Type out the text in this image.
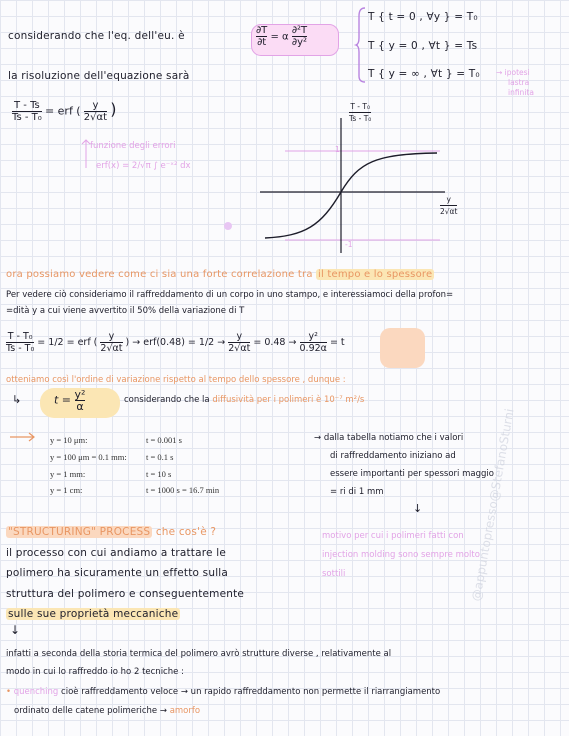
considerando che l'eq. dell'eu. è	$\frac{\partial T}{\partial t} = \alpha \frac{\text{∂²T}}{\text{∂y²}}$
T { t = 0 , ∀y } = T₀
T { y = 0 , ∀t } = Ts
T { y = ∞ , ∀t } = T₀ → ipotesi
lastra
infinita
la risoluzione dell'equazione sarà
$\frac{T - Ts}{\text{Ts - T₀}}$ = erf ( $\frac{y}{2√\alpha t}$ )
funzione degli errori
erf(x) = 2/√π ∫ e⁻ˣ² dx
$\frac{\text{T - T₀}}{\text{Ts - T₀}}$
$\frac{y}{2√\alpha t}$
1
-1
ora possiamo vedere come ci sia una forte correlazione tra il tempo e lo spessore
Per vedere ciò consideriamo il raffreddamento di un corpo in uno stampo, e interessiamoci della profon=
=dità y a cui viene avvertito il 50% della variazione di T
$\frac{\text{T - T₀}}{\text{Ts - T₀}} = 1/2$ = erf ( $\frac{y}{2√\alpha t}$ ) → $erf(0.48) = 1/2 \to \frac{y}{2√\alpha t} = 0.48 \to \frac{\text{y²}}{0.92\alpha} = t$
otteniamo così l'ordine di variazione rispetto al tempo dello spessore , dunque :
↳	$t = \frac{\text{y²}}{\alpha}$	considerando che la diffusività per i polimeri è 10⁻⁷ m²/s
y = 10 μm:	t = 0.001 s
y = 100 μm = 0.1 mm: t = 0.1 s
y = 1 mm:	t = 10 s
y = 1 cm:	t = 1000 s = 16.7 min
→ dalla tabella notiamo che i valori
di raffreddamento iniziano ad
essere importanti per spessori maggio
= ri di 1 mm
↓
"STRUCTURING" PROCESS che cos'è ?
il processo con cui andiamo a trattare le
polimero ha sicuramente un effetto sulla
struttura del polimero e conseguentemente
sulle sue proprietà meccaniche
↓
motivo per cui i polimeri fatti con
injection molding sono sempre molto
sottili
infatti a seconda della storia termica del polimero avrò strutture diverse , relativamente al
modo in cui lo raffreddo io ho 2 tecniche :
• quenching cioè raffreddamento veloce → un rapido raffreddamento non permette il riarrangiamento
ordinato delle catene polimeriche → amorfo
@appuntopresso@StefanoSturni
